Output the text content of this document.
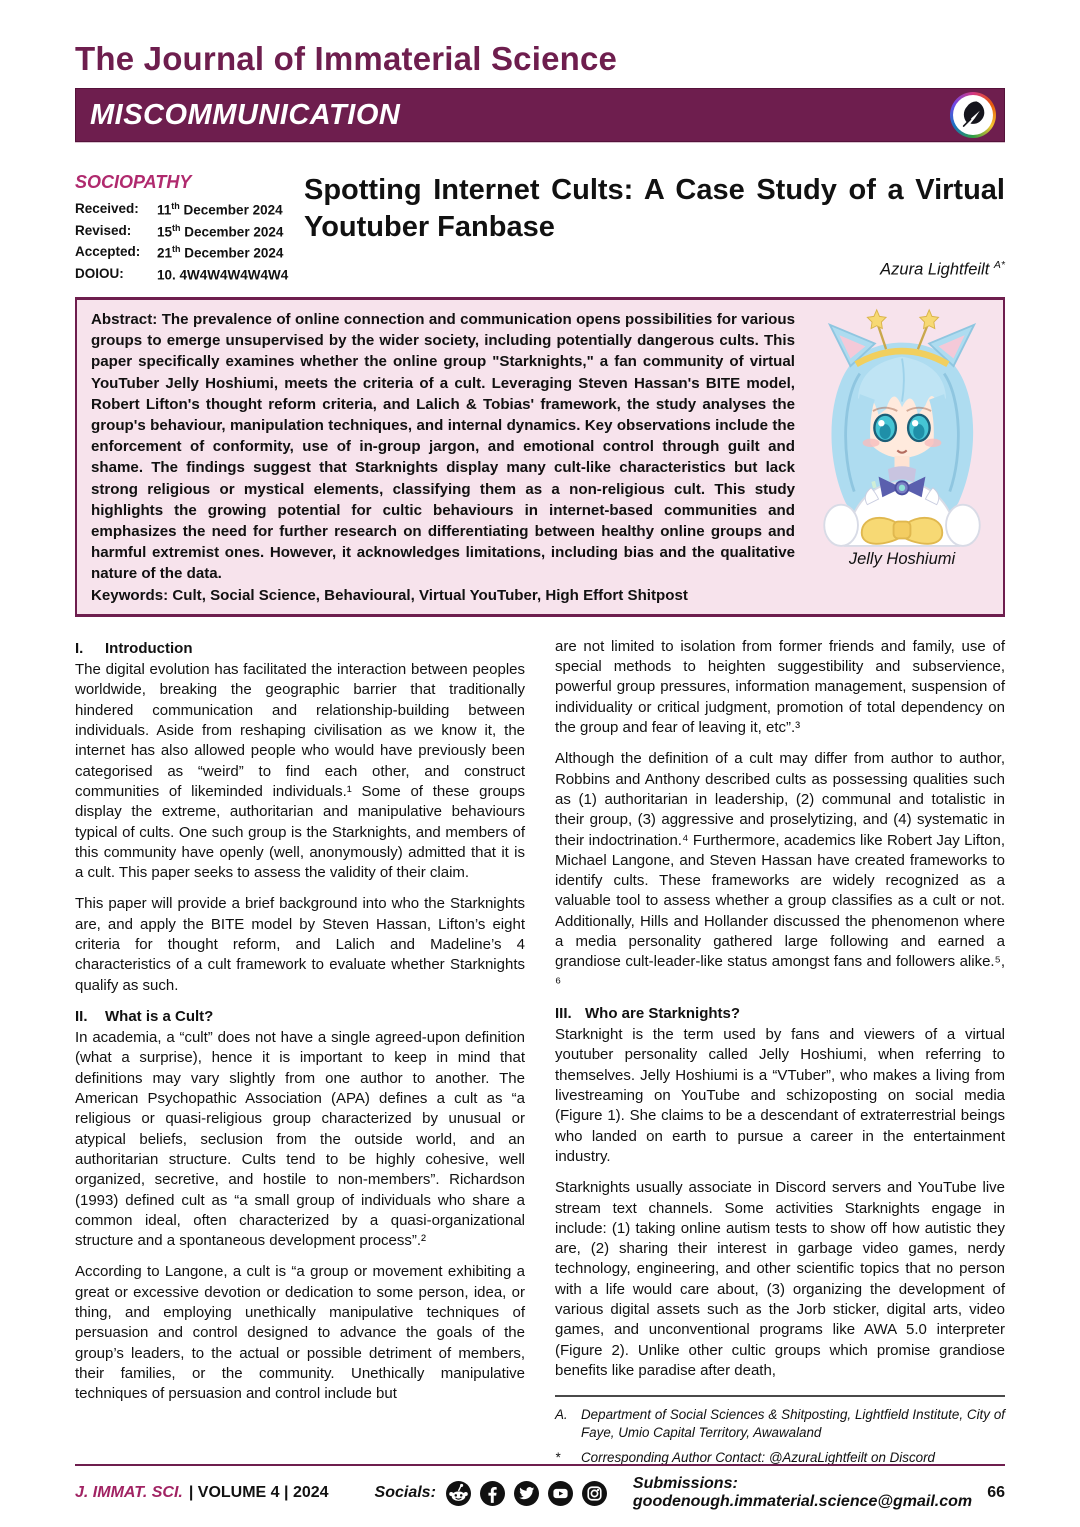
The Journal of Immaterial Science
MISCOMMUNICATION
SOCIOPATHY
Received:	11th December 2024
Revised:	15th December 2024
Accepted:	21th December 2024
DOIOU:	10. 4W4W4W4W4W4
Spotting Internet Cults: A Case Study of a Virtual Youtuber Fanbase
Azura Lightfeilt $^{A*}$
Abstract: The prevalence of online connection and communication opens possibilities for various groups to emerge unsupervised by the wider society, including potentially dangerous cults. This paper specifically examines whether the online group "Starknights," a fan community of virtual YouTuber Jelly Hoshiumi, meets the criteria of a cult. Leveraging Steven Hassan's BITE model, Robert Lifton's thought reform criteria, and Lalich & Tobias' framework, the study analyses the group's behaviour, manipulation techniques, and internal dynamics. Key observations include the enforcement of conformity, use of in-group jargon, and emotional control through guilt and shame. The findings suggest that Starknights display many cult-like characteristics but lack strong religious or mystical elements, classifying them as a non-religious cult. This study highlights the growing potential for cultic behaviours in internet-based communities and emphasizes the need for further research on differentiating between healthy online groups and harmful extremist ones. However, it acknowledges limitations, including bias and the qualitative nature of the data.
Keywords: Cult, Social Science, Behavioural, Virtual YouTuber, High Effort Shitpost
Jelly Hoshiumi
I. Introduction
The digital evolution has facilitated the interaction between peoples worldwide, breaking the geographic barrier that traditionally hindered communication and relationship-building between individuals. Aside from reshaping civilisation as we know it, the internet has also allowed people who would have previously been categorised as “weird” to find each other, and construct communities of likeminded individuals.¹ Some of these groups display the extreme, authoritarian and manipulative behaviours typical of cults. One such group is the Starknights, and members of this community have openly (well, anonymously) admitted that it is a cult. This paper seeks to assess the validity of their claim.
This paper will provide a brief background into who the Starknights are, and apply the BITE model by Steven Hassan, Lifton’s eight criteria for thought reform, and Lalich and Madeline’s 4 characteristics of a cult framework to evaluate whether Starknights qualify as such.
II. What is a Cult?
In academia, a “cult” does not have a single agreed-upon definition (what a surprise), hence it is important to keep in mind that definitions may vary slightly from one author to another. The American Psychopathic Association (APA) defines a cult as “a religious or quasi-religious group characterized by unusual or atypical beliefs, seclusion from the outside world, and an authoritarian structure. Cults tend to be highly cohesive, well organized, secretive, and hostile to non-members”. Richardson (1993) defined cult as “a small group of individuals who share a common ideal, often characterized by a quasi-organizational structure and a spontaneous development process”.²
According to Langone, a cult is “a group or movement exhibiting a great or excessive devotion or dedication to some person, idea, or thing, and employing unethically manipulative techniques of persuasion and control designed to advance the goals of the group’s leaders, to the actual or possible detriment of members, their families, or the community. Unethically manipulative techniques of persuasion and control include but
are not limited to isolation from former friends and family, use of special methods to heighten suggestibility and subservience, powerful group pressures, information management, suspension of individuality or critical judgment, promotion of total dependency on the group and fear of leaving it, etc”.³
Although the definition of a cult may differ from author to author, Robbins and Anthony described cults as possessing qualities such as (1) authoritarian in leadership, (2) communal and totalistic in their group, (3) aggressive and proselytizing, and (4) systematic in their indoctrination.⁴ Furthermore, academics like Robert Jay Lifton, Michael Langone, and Steven Hassan have created frameworks to identify cults. These frameworks are widely recognized as a valuable tool to assess whether a group classifies as a cult or not. Additionally, Hills and Hollander discussed the phenomenon where a media personality gathered large following and earned a grandiose cult-leader-like status amongst fans and followers alike.⁵, ⁶
III. Who are Starknights?
Starknight is the term used by fans and viewers of a virtual youtuber personality called Jelly Hoshiumi, when referring to themselves. Jelly Hoshiumi is a “VTuber”, who makes a living from livestreaming on YouTube and schizoposting on social media (Figure 1). She claims to be a descendant of extraterrestrial beings who landed on earth to pursue a career in the entertainment industry.
Starknights usually associate in Discord servers and YouTube live stream text channels. Some activities Starknights engage in include: (1) taking online autism tests to show off how autistic they are, (2) sharing their interest in garbage video games, nerdy technology, engineering, and other scientific topics that no person with a life would care about, (3) organizing the development of various digital assets such as the Jorb sticker, digital arts, video games, and unconventional programs like AWA 5.0 interpreter (Figure 2). Unlike other cultic groups which promise grandiose benefits like paradise after death,
A. Department of Social Sciences & Shitposting, Lightfield Institute, City of Faye, Umio Capital Territory, Awawaland
*	Corresponding Author Contact: @AzuraLightfeilt on Discord
J. IMMAT. SCI. | VOLUME 4 | 2024	Socials:
Submissions: goodenough.immaterial.science@gmail.com
66
